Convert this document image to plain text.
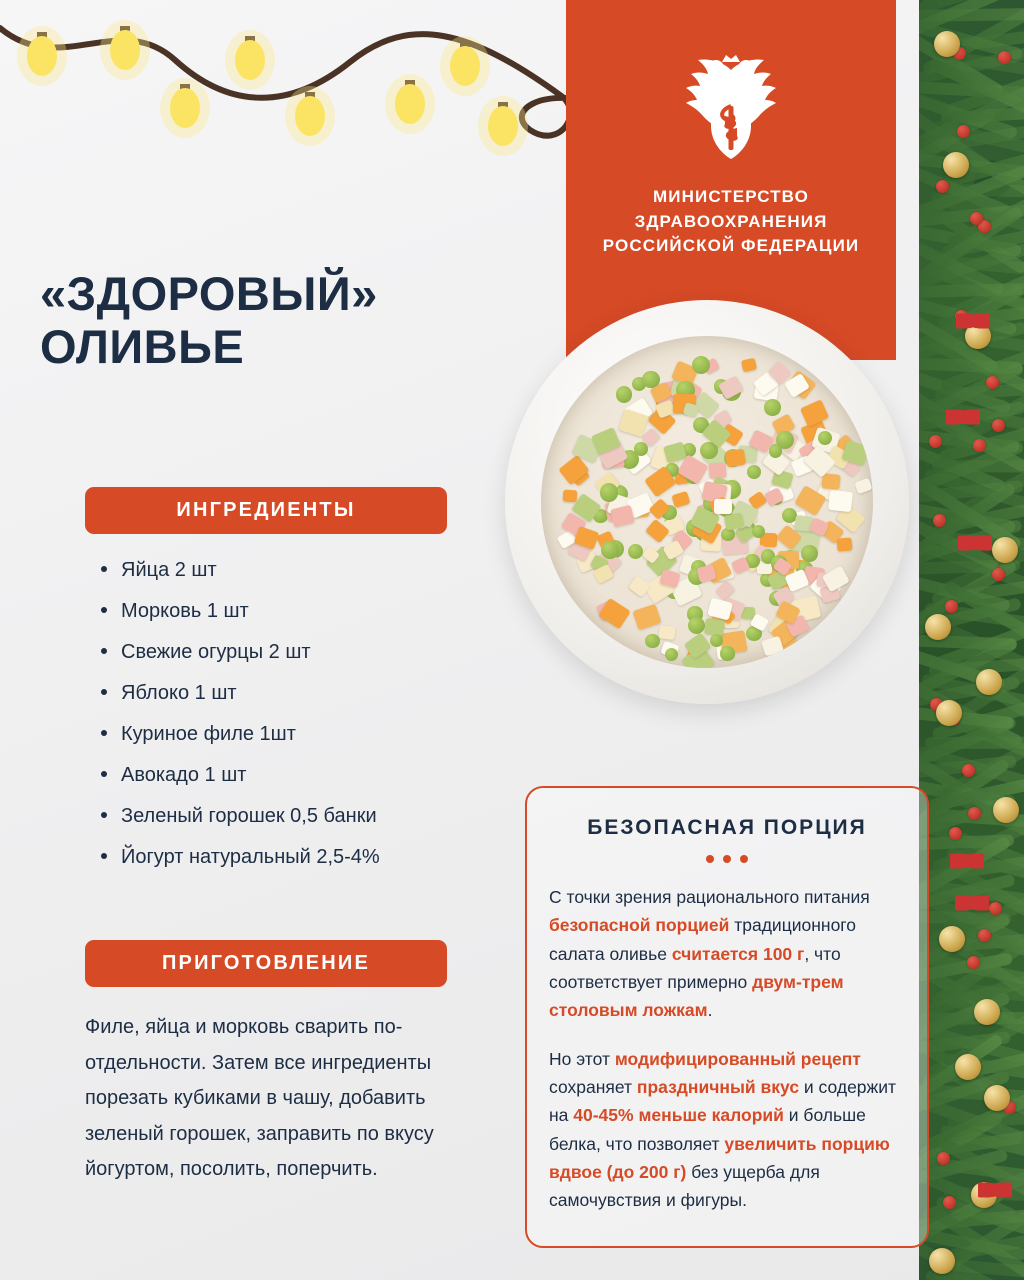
МИНИСТЕРСТВО
ЗДРАВООХРАНЕНИЯ
РОССИЙСКОЙ ФЕДЕРАЦИИ
«ЗДОРОВЫЙ»
ОЛИВЬЕ
ИНГРЕДИЕНТЫ
Яйца 2 шт
Морковь 1 шт
Свежие огурцы 2 шт
Яблоко 1 шт
Куриное филе 1шт
Авокадо 1 шт
Зеленый горошек 0,5 банки
Йогурт натуральный 2,5-4%
ПРИГОТОВЛЕНИЕ

Филе, яйца и морковь сварить по-отдельности. Затем все ингредиенты порезать кубиками в чашу, добавить зеленый горошек, заправить по вкусу йогуртом, посолить, поперчить.

БЕЗОПАСНАЯ ПОРЦИЯ

С точки зрения рационального питания безопасной порцией традиционного салата оливье считается 100 г, что соответствует примерно двум-трем столовым ложкам.

Но этот модифицированный рецепт сохраняет праздничный вкус и содержит на 40-45% меньше калорий и больше белка, что позволяет увеличить порцию вдвое (до 200 г) без ущерба для самочувствия и фигуры.
